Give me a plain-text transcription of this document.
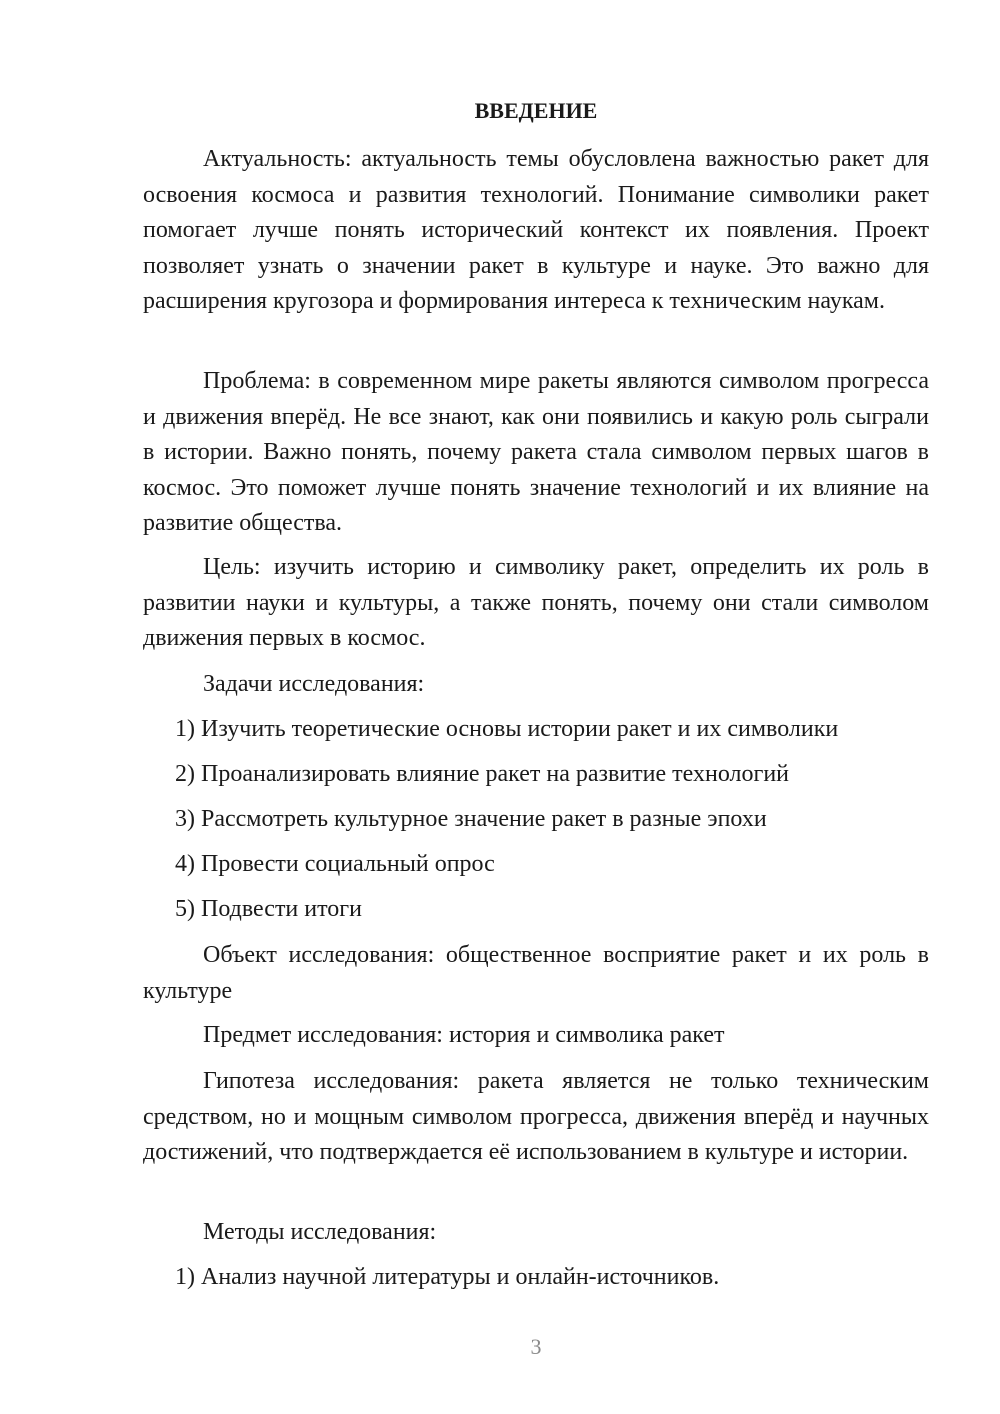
ВВЕДЕНИЕ

Актуальность: актуальность темы обусловлена важностью ракет для освоения космоса и развития технологий. Понимание символики ракет помогает лучше понять исторический контекст их появления. Проект позволяет узнать о значении ракет в культуре и науке. Это важно для расширения кругозора и формирования интереса к техническим наукам.

Проблема: в современном мире ракеты являются символом прогресса и движения вперёд. Не все знают, как они появились и какую роль сыграли в истории. Важно понять, почему ракета стала символом первых шагов в космос. Это поможет лучше понять значение технологий и их влияние на развитие общества.

Цель: изучить историю и символику ракет, определить их роль в развитии науки и культуры, а также понять, почему они стали символом движения первых в космос.

Задачи исследования:

1) Изучить теоретические основы истории ракет и их символики

2) Проанализировать влияние ракет на развитие технологий

3) Рассмотреть культурное значение ракет в разные эпохи

4) Провести социальный опрос

5) Подвести итоги

Объект исследования: общественное восприятие ракет и их роль в культуре

Предмет исследования: история и символика ракет

Гипотеза исследования: ракета является не только техническим средством, но и мощным символом прогресса, движения вперёд и научных достижений, что подтверждается её использованием в культуре и истории.

Методы исследования:

1) Анализ научной литературы и онлайн-источников.

3
